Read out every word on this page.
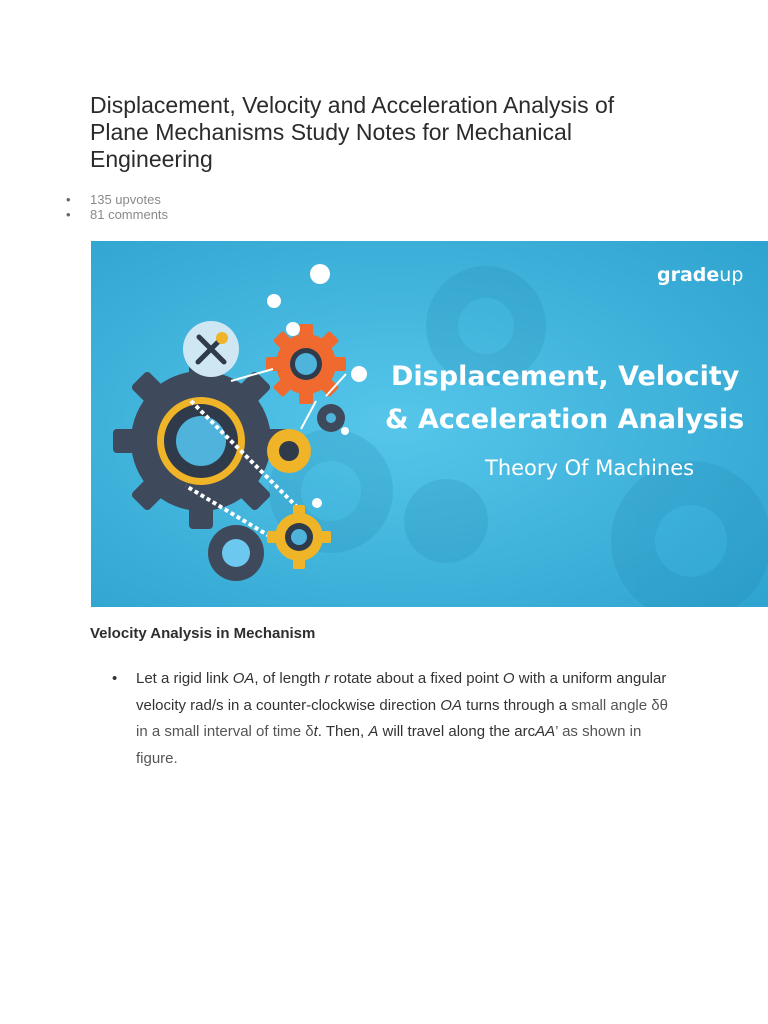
Displacement, Velocity and Acceleration Analysis of Plane Mechanisms Study Notes for Mechanical Engineering
• 135 upvotes
• 81 comments
gradeup
Displacement, Velocity
& Acceleration Analysis
Theory Of Machines
Velocity Analysis in Mechanism
• Let a rigid link OA, of length r rotate about a fixed point O with a uniform angular velocity rad/s in a counter-clockwise direction OA turns through a small angle δθ in a small interval of time δt. Then, A will travel along the arcAA’ as shown in figure.
